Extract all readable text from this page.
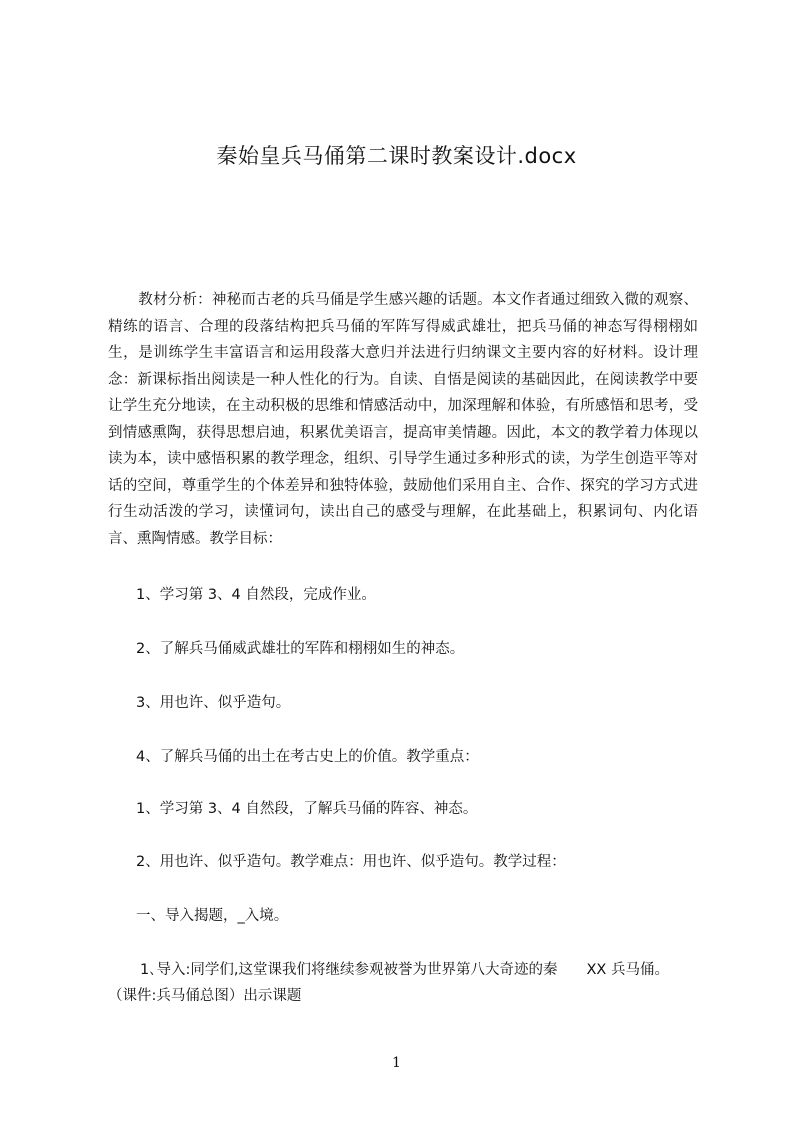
秦始皇兵马俑第二课时教案设计.docx
教材分析：神秘而古老的兵马俑是学生感兴趣的话题。本文作者通过细致入微的观察、精练的语言、合理的段落结构把兵马俑的军阵写得威武雄壮，把兵马俑的神态写得栩栩如生，是训练学生丰富语言和运用段落大意归并法进行归纳课文主要内容的好材料。设计理念：新课标指出阅读是一种人性化的行为。自读、自悟是阅读的基础因此，在阅读教学中要让学生充分地读，在主动积极的思维和情感活动中，加深理解和体验，有所感悟和思考，受到情感熏陶，获得思想启迪，积累优美语言，提高审美情趣。因此，本文的教学着力体现以读为本，读中感悟积累的教学理念，组织、引导学生通过多种形式的读，为学生创造平等对话的空间，尊重学生的个体差异和独特体验，鼓励他们采用自主、合作、探究的学习方式进行生动活泼的学习，读懂词句，读出自己的感受与理解，在此基础上，积累词句、内化语言、熏陶情感。教学目标：
1、学习第 3、4 自然段，完成作业。
2、了解兵马俑威武雄壮的军阵和栩栩如生的神态。
3、用也许、似乎造句。
4、了解兵马俑的出土在考古史上的价值。教学重点：
1、学习第 3、4 自然段，了解兵马俑的阵容、神态。
2、用也许、似乎造句。教学难点：用也许、似乎造句。教学过程：
一、导入揭题，_入境。
1､导入:同学们,这堂课我们将继续参观被誉为世界第八大奇迹的秦　　XX 兵马俑。
（课件:兵马俑总图）出示课题
1
